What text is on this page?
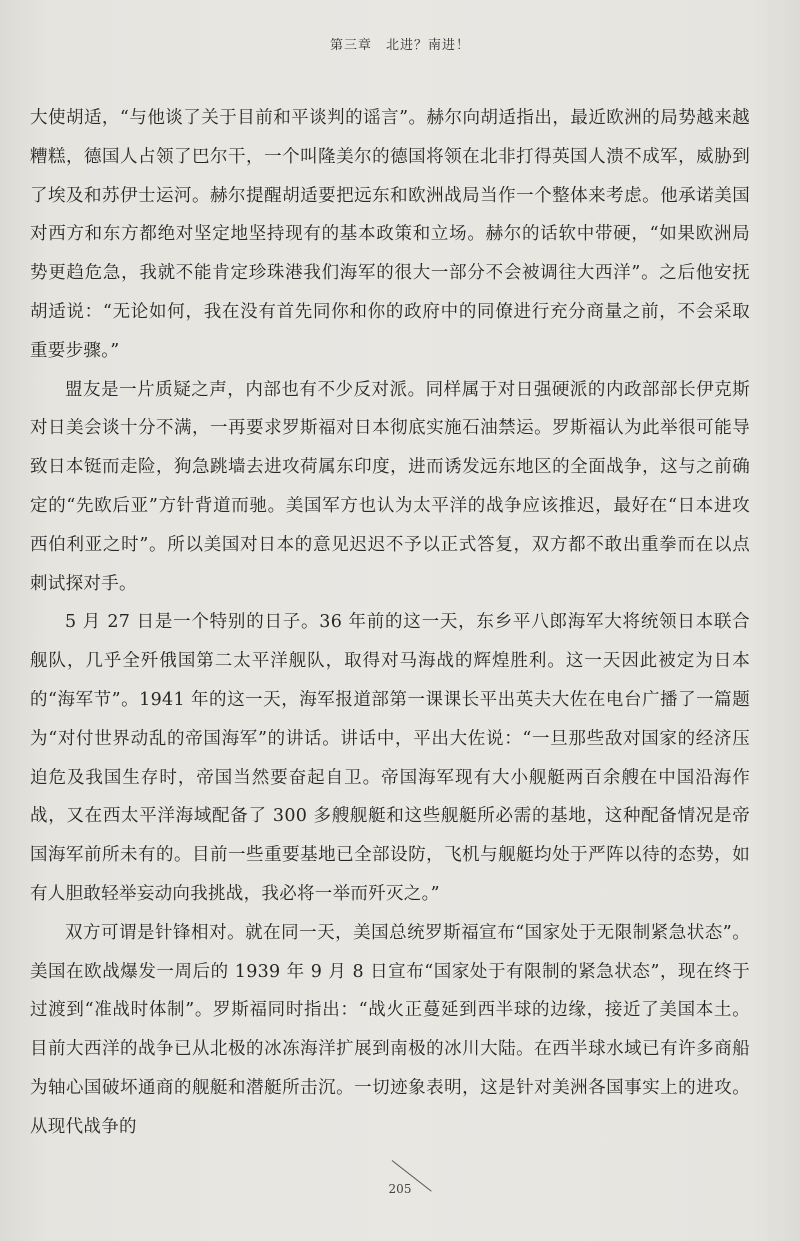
第三章　北进？南进！

大使胡适，“与他谈了关于目前和平谈判的谣言”。赫尔向胡适指出，最近欧洲的局势越来越糟糕，德国人占领了巴尔干，一个叫隆美尔的德国将领在北非打得英国人溃不成军，威胁到了埃及和苏伊士运河。赫尔提醒胡适要把远东和欧洲战局当作一个整体来考虑。他承诺美国对西方和东方都绝对坚定地坚持现有的基本政策和立场。赫尔的话软中带硬，“如果欧洲局势更趋危急，我就不能肯定珍珠港我们海军的很大一部分不会被调往大西洋”。之后他安抚胡适说：“无论如何，我在没有首先同你和你的政府中的同僚进行充分商量之前，不会采取重要步骤。”

盟友是一片质疑之声，内部也有不少反对派。同样属于对日强硬派的内政部部长伊克斯对日美会谈十分不满，一再要求罗斯福对日本彻底实施石油禁运。罗斯福认为此举很可能导致日本铤而走险，狗急跳墙去进攻荷属东印度，进而诱发远东地区的全面战争，这与之前确定的“先欧后亚”方针背道而驰。美国军方也认为太平洋的战争应该推迟，最好在“日本进攻西伯利亚之时”。所以美国对日本的意见迟迟不予以正式答复，双方都不敢出重拳而在以点刺试探对手。

5 月 27 日是一个特别的日子。36 年前的这一天，东乡平八郎海军大将统领日本联合舰队，几乎全歼俄国第二太平洋舰队，取得对马海战的辉煌胜利。这一天因此被定为日本的“海军节”。1941 年的这一天，海军报道部第一课课长平出英夫大佐在电台广播了一篇题为“对付世界动乱的帝国海军”的讲话。讲话中，平出大佐说：“一旦那些敌对国家的经济压迫危及我国生存时，帝国当然要奋起自卫。帝国海军现有大小舰艇两百余艘在中国沿海作战，又在西太平洋海域配备了 300 多艘舰艇和这些舰艇所必需的基地，这种配备情况是帝国海军前所未有的。目前一些重要基地已全部设防，飞机与舰艇均处于严阵以待的态势，如有人胆敢轻举妄动向我挑战，我必将一举而歼灭之。”

双方可谓是针锋相对。就在同一天，美国总统罗斯福宣布“国家处于无限制紧急状态”。美国在欧战爆发一周后的 1939 年 9 月 8 日宣布“国家处于有限制的紧急状态”，现在终于过渡到“准战时体制”。罗斯福同时指出：“战火正蔓延到西半球的边缘，接近了美国本土。目前大西洋的战争已从北极的冰冻海洋扩展到南极的冰川大陆。在西半球水域已有许多商船为轴心国破坏通商的舰艇和潜艇所击沉。一切迹象表明，这是针对美洲各国事实上的进攻。从现代战争的

205
